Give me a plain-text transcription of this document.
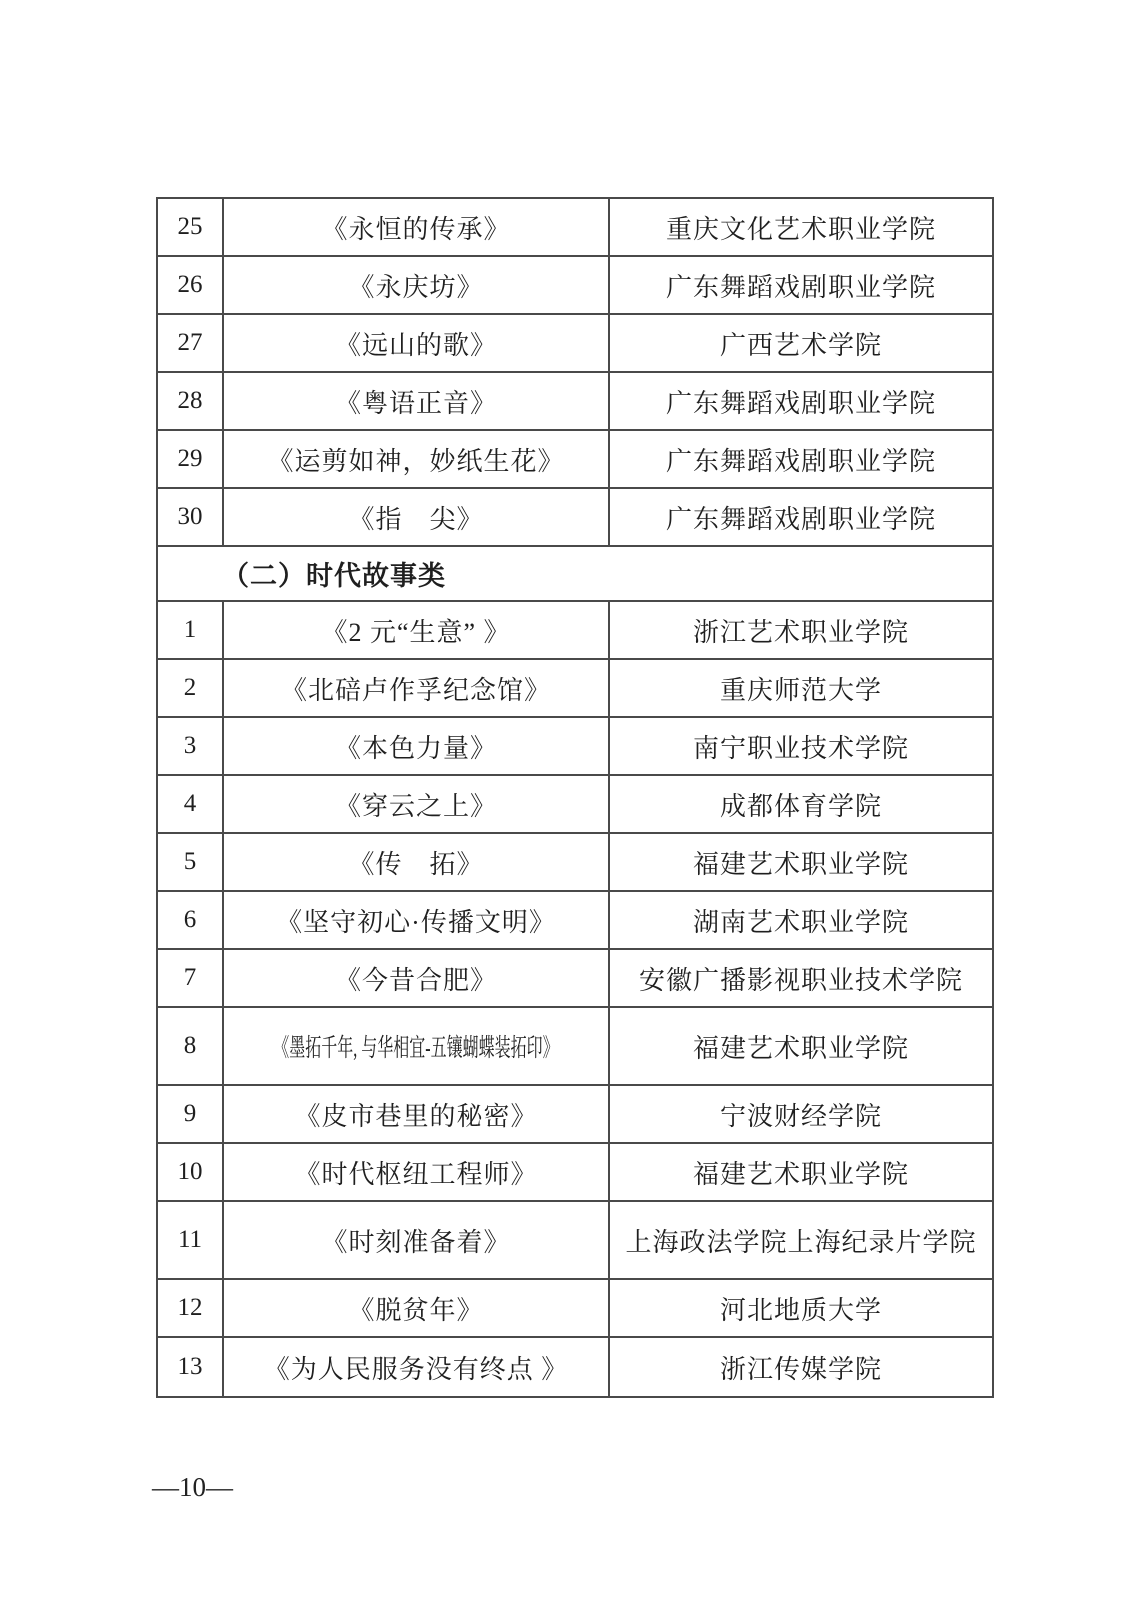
25	《永恒的传承》	重庆文化艺术职业学院
26	《永庆坊》	广东舞蹈戏剧职业学院
27	《远山的歌》	广西艺术学院
28	《粤语正音》	广东舞蹈戏剧职业学院
29 《运剪如神，妙纸生花》	广东舞蹈戏剧职业学院
30	《指　尖》	广东舞蹈戏剧职业学院
（二）时代故事类
1	《2 元“生意” 》	浙江艺术职业学院
2	《北碚卢作孚纪念馆》	重庆师范大学
3	《本色力量》	南宁职业技术学院
4	《穿云之上》	成都体育学院
5	《传　拓》	福建艺术职业学院
6	《坚守初心·传播文明》	湖南艺术职业学院
7	《今昔合肥》	安徽广播影视职业技术学院
8	《墨拓千年, 与华相宜-五镶蝴蝶装拓印》	福建艺术职业学院
9	《皮市巷里的秘密》	宁波财经学院
10	《时代枢纽工程师》	福建艺术职业学院
11	《时刻准备着》	上海政法学院上海纪录片学院
12	《脱贫年》	河北地质大学
13 《为人民服务没有终点 》	浙江传媒学院
—10—
